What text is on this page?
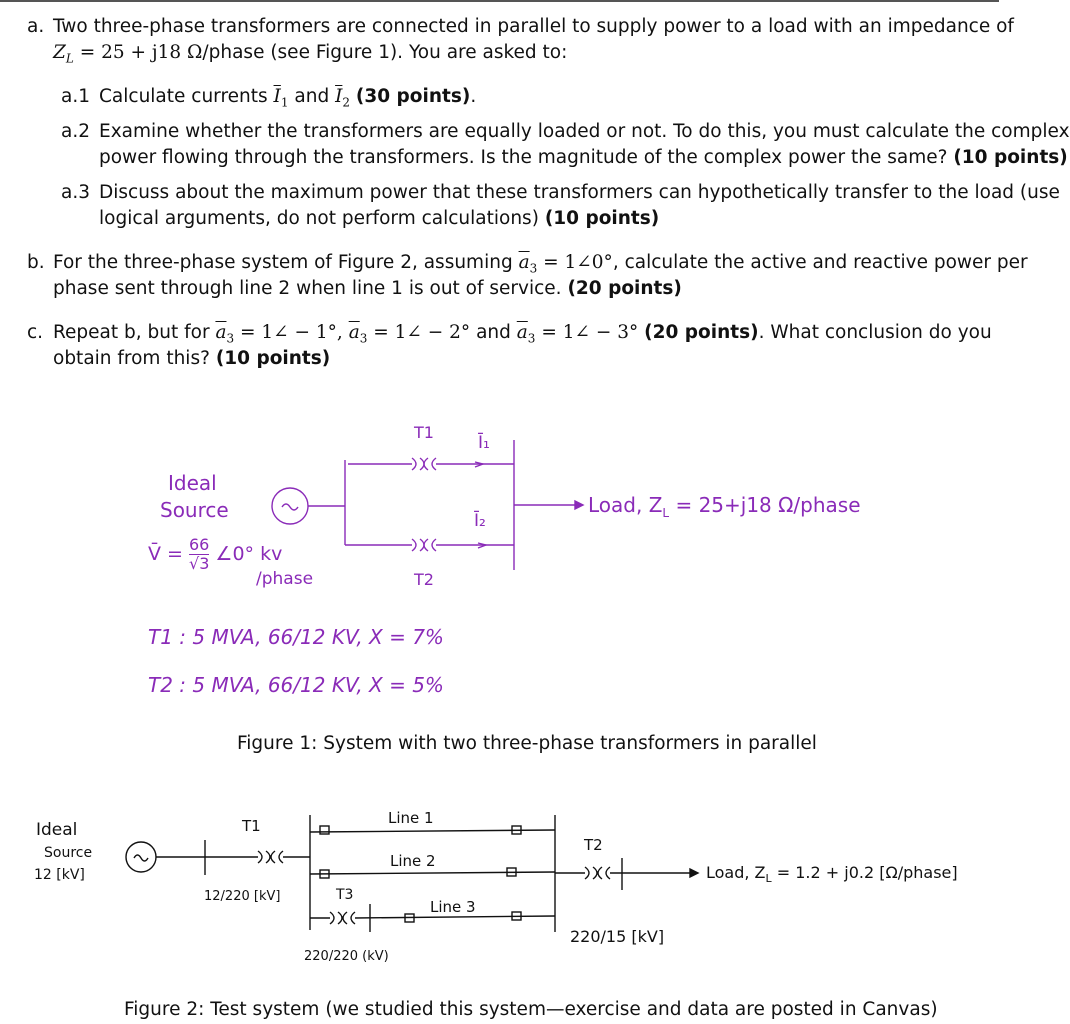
a. Two three-phase transformers are connected in parallel to supply power to a load with an impedance of
$Z_L = 25 + j18$ Ω/phase (see Figure 1). You are asked to:
a.1 Calculate currents $\overline{I}_1$ and $\overline{I}_2$ (30 points).
a.2 Examine whether the transformers are equally loaded or not. To do this, you must calculate the complex
power flowing through the transformers. Is the magnitude of the complex power the same? (10 points)
a.3 Discuss about the maximum power that these transformers can hypothetically transfer to the load (use
logical arguments, do not perform calculations) (10 points)
b. For the three-phase system of Figure 2, assuming $\overline{a}_3$ = 1∠0°, calculate the active and reactive power per
phase sent through line 2 when line 1 is out of service. (20 points)
c. Repeat b, but for $\overline{a}_3$ = 1∠ − 1°, $\overline{a}_3$ = 1∠ − 2° and $\overline{a}_3$ = 1∠ − 3° (20 points). What conclusion do you
obtain from this? (10 points)
Ideal
Source
V̄ = $\frac{66}{√3}$ ∠0° kv
/phase
T1
T2
Ī₁
Ī₂
Load, $Z_L = 25+j18$ Ω/phase
T1 : 5 MVA, 66/12 KV, X = 7%
T2 : 5 MVA, 66/12 KV, X = 5%
Figure 1: System with two three-phase transformers in parallel
Ideal
Source
12 [kV]
T1
12/220 [kV]
Line 1
Line 2
Line 3
T3
220/220 (kV)
T2
220/15 [kV]
Load, $Z_L = 1.2 + j0.2$ [Ω/phase]
Figure 2: Test system (we studied this system—exercise and data are posted in Canvas)
